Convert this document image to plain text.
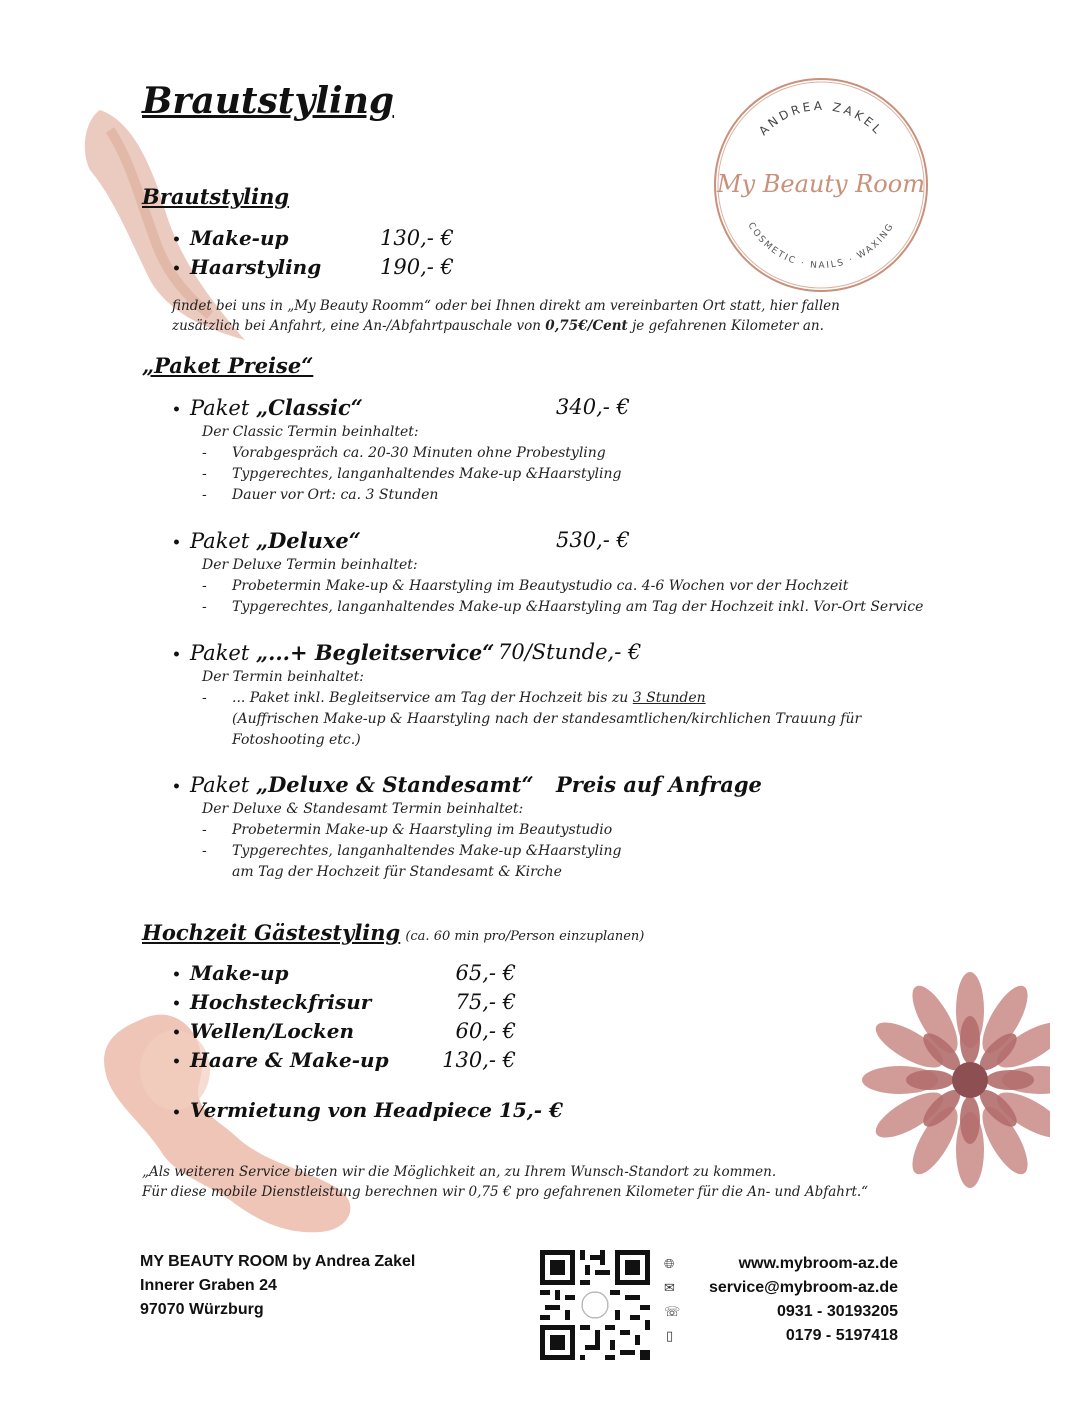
ANDREA ZAKEL
My Beauty Room
COSMETIC · NAILS · WAXING
Brautstyling
Brautstyling
• Make-up	130,- €
• Haarstyling	190,- €
findet bei uns in „My Beauty Roomm“ oder bei Ihnen direkt am vereinbarten Ort statt, hier fallen
zusätzlich bei Anfahrt, eine An-/Abfahrtpauschale von 0,75€/Cent je gefahrenen Kilometer an.
„Paket Preise“
• Paket „Classic“	340,- €
Der Classic Termin beinhaltet:
- Vorabgespräch ca. 20-30 Minuten ohne Probestyling
- Typgerechtes, langanhaltendes Make-up &Haarstyling
- Dauer vor Ort: ca. 3 Stunden
• Paket „Deluxe“	530,- €
Der Deluxe Termin beinhaltet:
- Probetermin Make-up & Haarstyling im Beautystudio ca. 4-6 Wochen vor der Hochzeit
- Typgerechtes, langanhaltendes Make-up &Haarstyling am Tag der Hochzeit inkl. Vor-Ort Service
• Paket „...+ Begleitservice“ 70/Stunde,- €
Der Termin beinhaltet:
- ... Paket inkl. Begleitservice am Tag der Hochzeit bis zu 3 Stunden
(Auffrischen Make-up & Haarstyling nach der standesamtlichen/kirchlichen Trauung für
Fotoshooting etc.)
• Paket „Deluxe & Standesamt“ Preis auf Anfrage
Der Deluxe & Standesamt Termin beinhaltet:
- Probetermin Make-up & Haarstyling im Beautystudio
- Typgerechtes, langanhaltendes Make-up &Haarstyling
am Tag der Hochzeit für Standesamt & Kirche
Hochzeit Gästestyling (ca. 60 min pro/Person einzuplanen)
• Make-up	65,- €
• Hochsteckfrisur	75,- €
• Wellen/Locken	60,- €
• Haare & Make-up	130,- €
• Vermietung von Headpiece 15,- €
„Als weiteren Service bieten wir die Möglichkeit an, zu Ihrem Wunsch-Standort zu kommen.
Für diese mobile Dienstleistung berechnen wir 0,75 € pro gefahrenen Kilometer für die An- und Abfahrt.“
MY BEAUTY ROOM by Andrea Zakel
Innerer Graben 24
97070 Würzburg
🌐︎
✉
☏
▯
www.mybroom-az.de
service@mybroom-az.de
0931 - 30193205
0179 - 5197418
